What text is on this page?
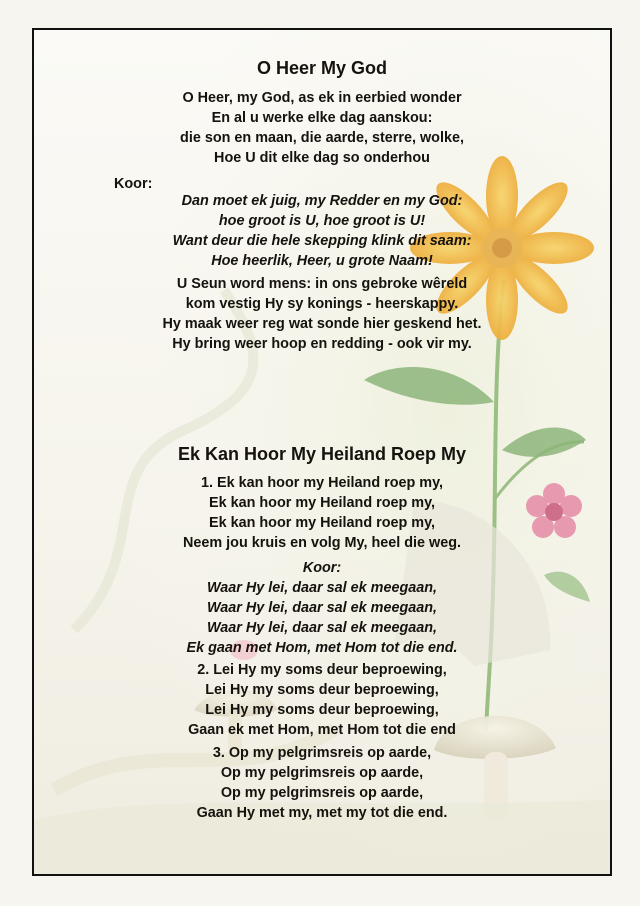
O Heer My God
O Heer, my God, as ek in eerbied wonder
En al u werke elke dag aanskou:
die son en maan, die aarde, sterre, wolke,
Hoe U dit elke dag so onderhou
Koor:
Dan moet ek juig, my Redder en my God:
hoe groot is U, hoe groot is U!
Want deur die hele skepping klink dit saam:
Hoe heerlik, Heer, u grote Naam!
U Seun word mens: in ons gebroke wêreld
kom vestig Hy sy konings - heerskappy.
Hy maak weer reg wat sonde hier geskend het.
Hy bring weer hoop en redding - ook vir my.
Ek Kan Hoor My Heiland Roep My
1. Ek kan hoor my Heiland roep my,
Ek kan hoor my Heiland roep my,
Ek kan hoor my Heiland roep my,
Neem jou kruis en volg My, heel die weg.
Koor:
Waar Hy lei, daar sal ek meegaan,
Waar Hy lei, daar sal ek meegaan,
Waar Hy lei, daar sal ek meegaan,
Ek gaan met Hom, met Hom tot die end.
2. Lei Hy my soms deur beproewing,
Lei Hy my soms deur beproewing,
Lei Hy my soms deur beproewing,
Gaan ek met Hom, met Hom tot die end
3. Op my pelgrimsreis op aarde,
Op my pelgrimsreis op aarde,
Op my pelgrimsreis op aarde,
Gaan Hy met my, met my tot die end.
